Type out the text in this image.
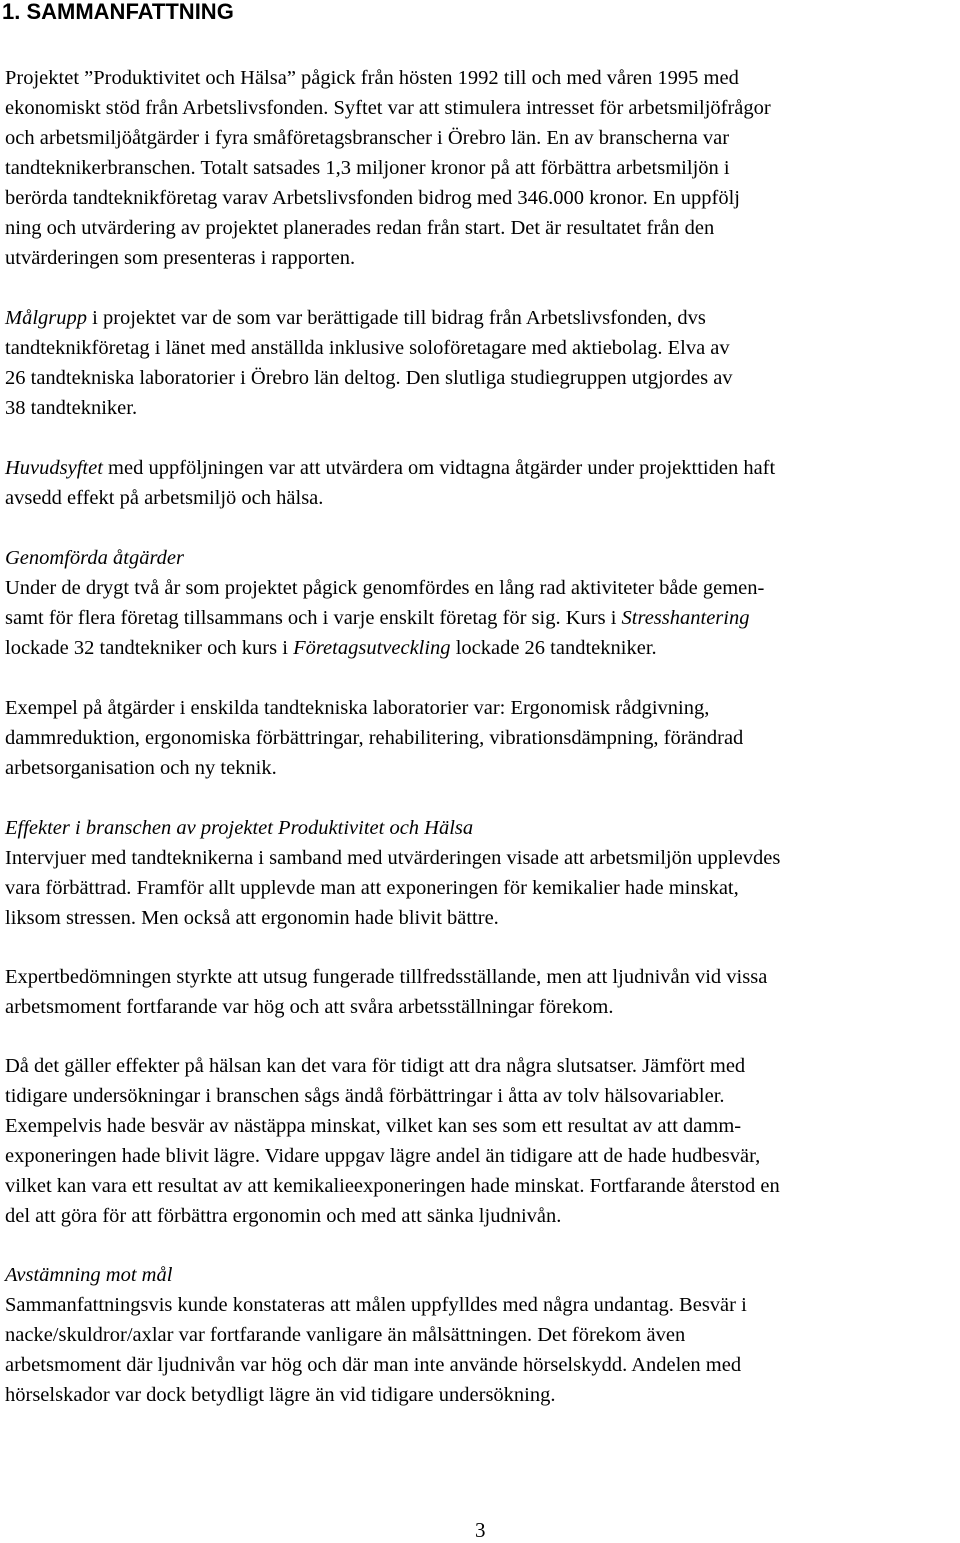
1. SAMMANFATTNING

Projektet ”Produktivitet och Hälsa” pågick från hösten 1992 till och med våren 1995 med

ekonomiskt stöd från Arbetslivsfonden. Syftet var att stimulera intresset för arbetsmiljöfrågor

och arbetsmiljöåtgärder i fyra småföretagsbranscher i Örebro län. En av branscherna var

tandteknikerbranschen. Totalt satsades 1,3 miljoner kronor på att förbättra arbetsmiljön i

berörda tandteknikföretag varav Arbetslivsfonden bidrog med 346.000 kronor. En uppfölj

ning och utvärdering av projektet planerades redan från start. Det är resultatet från den

utvärderingen som presenteras i rapporten.

Målgrupp i projektet var de som var berättigade till bidrag från Arbetslivsfonden, dvs

tandteknikföretag i länet med anställda inklusive soloföretagare med aktiebolag. Elva av

26 tandtekniska laboratorier i Örebro län deltog. Den slutliga studiegruppen utgjordes av

38 tandtekniker.

Huvudsyftet med uppföljningen var att utvärdera om vidtagna åtgärder under projekttiden haft

avsedd effekt på arbetsmiljö och hälsa.

Genomförda åtgärder

Under de drygt två år som projektet pågick genomfördes en lång rad aktiviteter både gemen-

samt för flera företag tillsammans och i varje enskilt företag för sig. Kurs i Stresshantering

lockade 32 tandtekniker och kurs i Företagsutveckling lockade 26 tandtekniker.

Exempel på åtgärder i enskilda tandtekniska laboratorier var: Ergonomisk rådgivning,

dammreduktion, ergonomiska förbättringar, rehabilitering, vibrationsdämpning, förändrad

arbetsorganisation och ny teknik.

Effekter i branschen av projektet Produktivitet och Hälsa

Intervjuer med tandteknikerna i samband med utvärderingen visade att arbetsmiljön upplevdes

vara förbättrad. Framför allt upplevde man att exponeringen för kemikalier hade minskat,

liksom stressen. Men också att ergonomin hade blivit bättre.

Expertbedömningen styrkte att utsug fungerade tillfredsställande, men att ljudnivån vid vissa

arbetsmoment fortfarande var hög och att svåra arbetsställningar förekom.

Då det gäller effekter på hälsan kan det vara för tidigt att dra några slutsatser. Jämfört med

tidigare undersökningar i branschen sågs ändå förbättringar i åtta av tolv hälsovariabler.

Exempelvis hade besvär av nästäppa minskat, vilket kan ses som ett resultat av att damm-

exponeringen hade blivit lägre. Vidare uppgav lägre andel än tidigare att de hade hudbesvär,

vilket kan vara ett resultat av att kemikalieexponeringen hade minskat. Fortfarande återstod en

del att göra för att förbättra ergonomin och med att sänka ljudnivån.

Avstämning mot mål

Sammanfattningsvis kunde konstateras att målen uppfylldes med några undantag. Besvär i

nacke/skuldror/axlar var fortfarande vanligare än målsättningen. Det förekom även

arbetsmoment där ljudnivån var hög och där man inte använde hörselskydd. Andelen med

hörselskador var dock betydligt lägre än vid tidigare undersökning.

3
